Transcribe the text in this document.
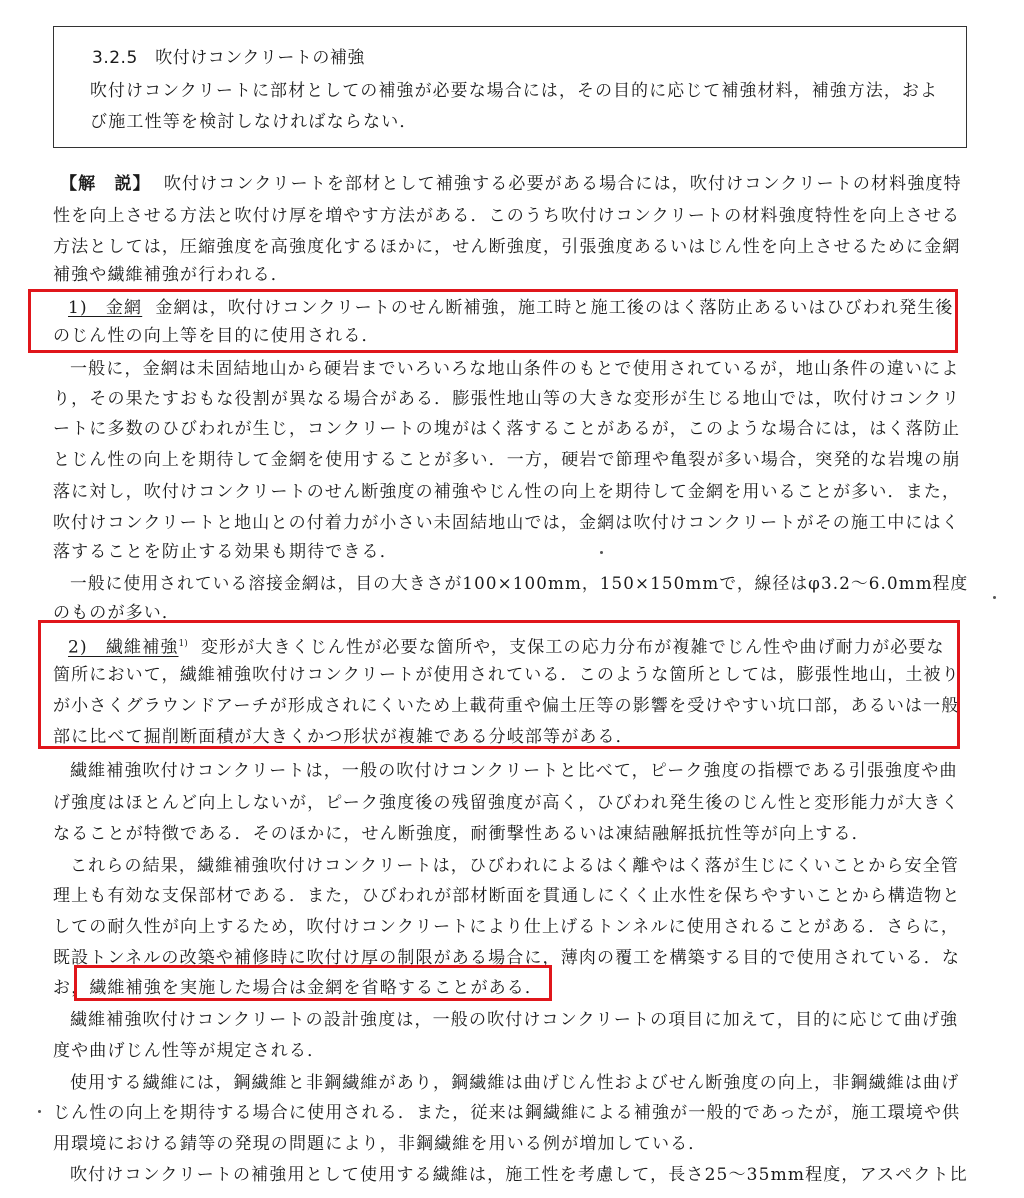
3.2.5　吹付けコンクリートの補強
吹付けコンクリートに部材としての補強が必要な場合には，その目的に応じて補強材料，補強方法，およ
び施工性等を検討しなければならない．
【解　説】 吹付けコンクリートを部材として補強する必要がある場合には，吹付けコンクリートの材料強度特
性を向上させる方法と吹付け厚を増やす方法がある．このうち吹付けコンクリートの材料強度特性を向上させる
方法としては，圧縮強度を高強度化するほかに，せん断強度，引張強度あるいはじん性を向上させるために金網
補強や繊維補強が行われる．
1)　金網 金網は，吹付けコンクリートのせん断補強，施工時と施工後のはく落防止あるいはひびわれ発生後
のじん性の向上等を目的に使用される．
一般に，金網は未固結地山から硬岩までいろいろな地山条件のもとで使用されているが，地山条件の違いによ
り，その果たすおもな役割が異なる場合がある．膨張性地山等の大きな変形が生じる地山では，吹付けコンクリ
ートに多数のひびわれが生じ，コンクリートの塊がはく落することがあるが，このような場合には，はく落防止
とじん性の向上を期待して金網を使用することが多い．一方，硬岩で節理や亀裂が多い場合，突発的な岩塊の崩
落に対し，吹付けコンクリートのせん断強度の補強やじん性の向上を期待して金網を用いることが多い．また，
吹付けコンクリートと地山との付着力が小さい未固結地山では，金網は吹付けコンクリートがその施工中にはく
落することを防止する効果も期待できる．
一般に使用されている溶接金網は，目の大きさが100×100mm，150×150mmで，線径はφ3.2～6.0mm程度
のものが多い．
2)　繊維補強$^{1)}$ 変形が大きくじん性が必要な箇所や，支保工の応力分布が複雑でじん性や曲げ耐力が必要な
箇所において，繊維補強吹付けコンクリートが使用されている．このような箇所としては，膨張性地山，土被り
が小さくグラウンドアーチが形成されにくいため上載荷重や偏土圧等の影響を受けやすい坑口部，あるいは一般
部に比べて掘削断面積が大きくかつ形状が複雑である分岐部等がある．
繊維補強吹付けコンクリートは，一般の吹付けコンクリートと比べて，ピーク強度の指標である引張強度や曲
げ強度はほとんど向上しないが，ピーク強度後の残留強度が高く，ひびわれ発生後のじん性と変形能力が大きく
なることが特徴である．そのほかに，せん断強度，耐衝撃性あるいは凍結融解抵抗性等が向上する．
これらの結果，繊維補強吹付けコンクリートは，ひびわれによるはく離やはく落が生じにくいことから安全管
理上も有効な支保部材である．また，ひびわれが部材断面を貫通しにくく止水性を保ちやすいことから構造物と
しての耐久性が向上するため，吹付けコンクリートにより仕上げるトンネルに使用されることがある．さらに，
既設トンネルの改築や補修時に吹付け厚の制限がある場合に，薄肉の覆工を構築する目的で使用されている．な
お，繊維補強を実施した場合は金網を省略することがある．
繊維補強吹付けコンクリートの設計強度は，一般の吹付けコンクリートの項目に加えて，目的に応じて曲げ強
度や曲げじん性等が規定される．
使用する繊維には，鋼繊維と非鋼繊維があり，鋼繊維は曲げじん性およびせん断強度の向上，非鋼繊維は曲げ
じん性の向上を期待する場合に使用される．また，従来は鋼繊維による補強が一般的であったが，施工環境や供
用環境における錆等の発現の問題により，非鋼繊維を用いる例が増加している．
吹付けコンクリートの補強用として使用する繊維は，施工性を考慮して，長さ25～35mm程度，アスペクト比
